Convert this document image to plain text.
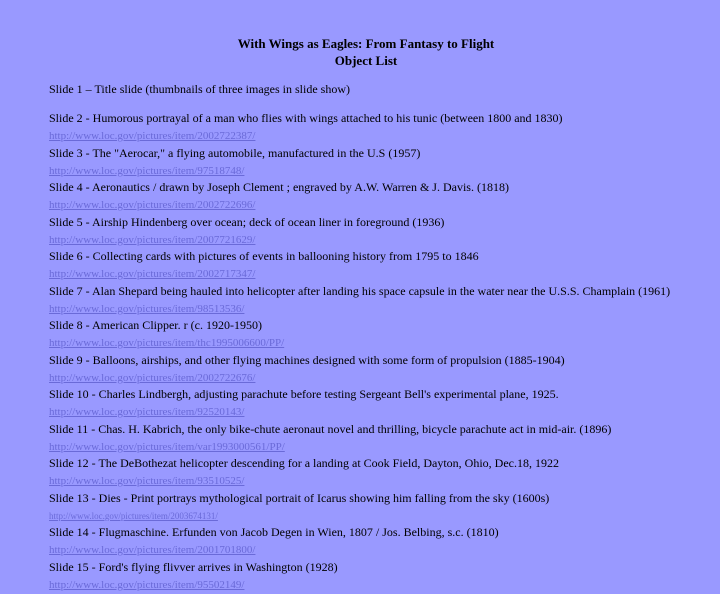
With Wings as Eagles: From Fantasy to Flight
Object List
Slide 1 – Title slide (thumbnails of three images in slide show)
Slide 2 - Humorous portrayal of a man who flies with wings attached to his tunic (between 1800 and 1830)
http://www.loc.gov/pictures/item/2002722387/
Slide 3 - The "Aerocar," a flying automobile, manufactured in the U.S (1957)
http://www.loc.gov/pictures/item/97518748/
Slide 4 - Aeronautics / drawn by Joseph Clement ; engraved by A.W. Warren & J. Davis. (1818)
http://www.loc.gov/pictures/item/2002722696/
Slide 5 - Airship Hindenberg over ocean; deck of ocean liner in foreground (1936)
http://www.loc.gov/pictures/item/2007721629/
Slide 6 - Collecting cards with pictures of events in ballooning history from 1795 to 1846
http://www.loc.gov/pictures/item/2002717347/
Slide 7 - Alan Shepard being hauled into helicopter after landing his space capsule in the water near the U.S.S. Champlain (1961)
http://www.loc.gov/pictures/item/98513536/
Slide 8 - American Clipper. r (c. 1920-1950)
http://www.loc.gov/pictures/item/thc1995006600/PP/
Slide 9 - Balloons, airships, and other flying machines designed with some form of propulsion (1885-1904)
http://www.loc.gov/pictures/item/2002722676/
Slide 10 - Charles Lindbergh, adjusting parachute before testing Sergeant Bell's experimental plane, 1925.
http://www.loc.gov/pictures/item/92520143/
Slide 11 - Chas. H. Kabrich, the only bike-chute aeronaut novel and thrilling, bicycle parachute act in mid-air. (1896)
http://www.loc.gov/pictures/item/var1993000561/PP/
Slide 12 - The DeBothezat helicopter descending for a landing at Cook Field, Dayton, Ohio, Dec.18, 1922
http://www.loc.gov/pictures/item/93510525/
Slide 13 - Dies - Print portrays mythological portrait of Icarus showing him falling from the sky (1600s)
http://www.loc.gov/pictures/item/2003674131/
Slide 14 - Flugmaschine. Erfunden von Jacob Degen in Wien, 1807 / Jos. Belbing, s.c. (1810)
http://www.loc.gov/pictures/item/2001701800/
Slide 15 - Ford's flying flivver arrives in Washington (1928)
http://www.loc.gov/pictures/item/95502149/
